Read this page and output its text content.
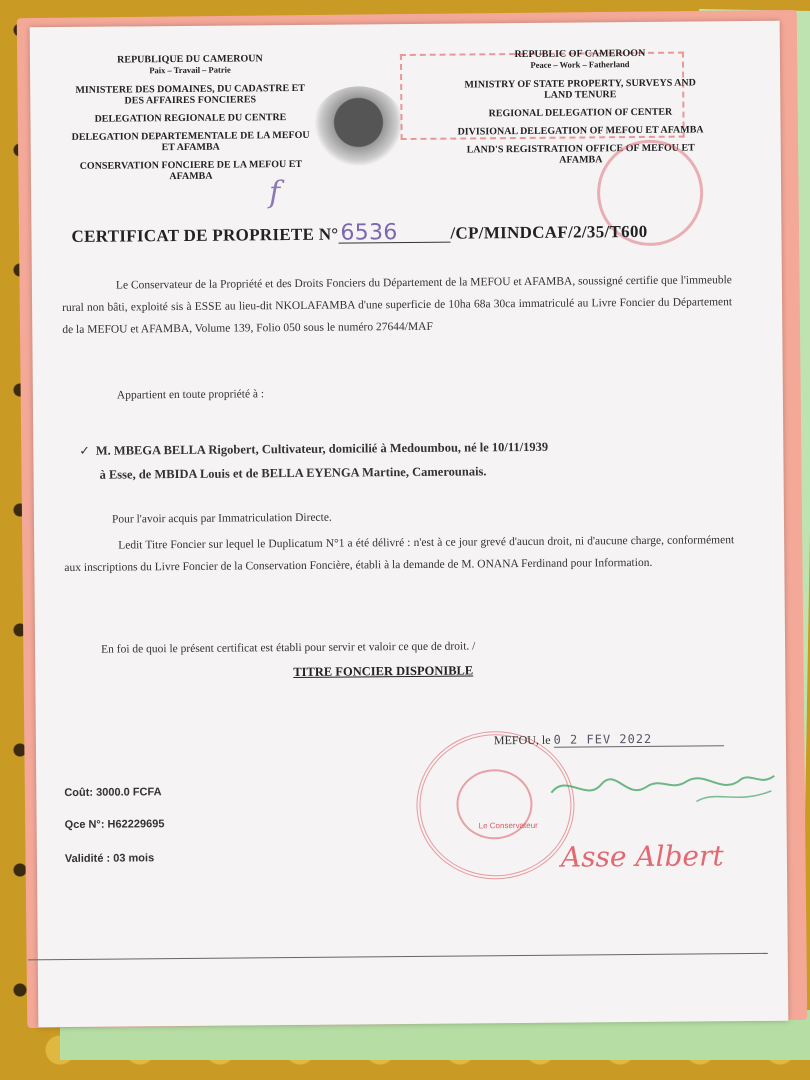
REPUBLIQUE DU CAMEROUN
Paix – Travail – Patrie
MINISTERE DES DOMAINES, DU CADASTRE ET DES AFFAIRES FONCIERES
DELEGATION REGIONALE DU CENTRE
DELEGATION DEPARTEMENTALE DE LA MEFOU ET AFAMBA
CONSERVATION FONCIERE DE LA MEFOU ET AFAMBA
REPUBLIC OF CAMEROON
Peace – Work – Fatherland
MINISTRY OF STATE PROPERTY, SURVEYS AND LAND TENURE
REGIONAL DELEGATION OF CENTER
DIVISIONAL DELEGATION OF MEFOU ET AFAMBA
LAND'S REGISTRATION OFFICE OF MEFOU ET AFAMBA
f
CERTIFICAT DE PROPRIETE N°6536	/CP/MINDCAF/2/35/T600
Le Conservateur de la Propriété et des Droits Fonciers du Département de la MEFOU et AFAMBA, soussigné certifie que l'immeuble rural non bâti, exploité sis à ESSE au lieu-dit NKOLAFAMBA d'une superficie de 10ha 68a 30ca immatriculé au Livre Foncier du Département de la MEFOU et AFAMBA, Volume 139, Folio 050 sous le numéro 27644/MAF
Appartient en toute propriété à :
✓ M. MBEGA BELLA Rigobert, Cultivateur, domicilié à Medoumbou, né le 10/11/1939
à Esse, de MBIDA Louis et de BELLA EYENGA Martine, Camerounais.
Pour l'avoir acquis par Immatriculation Directe.
Ledit Titre Foncier sur lequel le Duplicatum N°1 a été délivré : n'est à ce jour grevé d'aucun droit, ni d'aucune charge, conformément aux inscriptions du Livre Foncier de la Conservation Foncière, établi à la demande de M. ONANA Ferdinand pour Information.
En foi de quoi le présent certificat est établi pour servir et valoir ce que de droit. /
TITRE FONCIER DISPONIBLE
Le Conservateur
MEFOU, le 0 2 FEV 2022
Asse Albert
Coût: 3000.0 FCFA
Qce N°: H62229695
Validité : 03 mois
